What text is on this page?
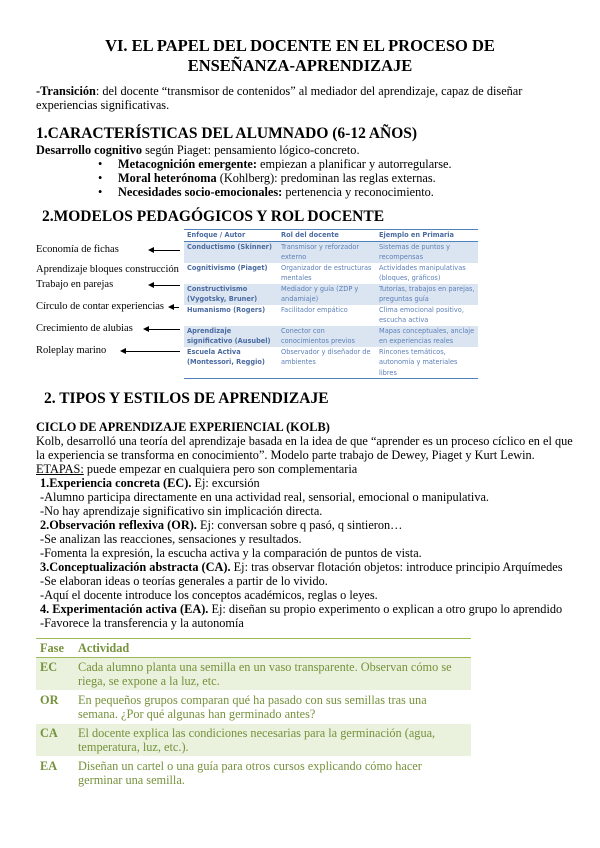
VI. EL PAPEL DEL DOCENTE EN EL PROCESO DE
ENSEÑANZA-APRENDIZAJE
-Transición: del docente “transmisor de contenidos” al mediador del aprendizaje, capaz de diseñar experiencias significativas.
1.CARACTERÍSTICAS DEL ALUMNADO (6-12 AÑOS)
Desarrollo cognitivo según Piaget: pensamiento lógico-concreto.
• Metacognición emergente: empiezan a planificar y autorregularse.
• Moral heterónoma (Kohlberg): predominan las reglas externas.
• Necesidades socio-emocionales: pertenencia y reconocimiento.
2.MODELOS PEDAGÓGICOS Y ROL DOCENTE
Economía de fichas
Aprendizaje bloques construcción
Trabajo en parejas
Círculo de contar experiencias
Crecimiento de alubias
Roleplay marino
Enfoque / Autor	Rol del docente	Ejemplo en Primaria
Conductismo (Skinner)	Transmisor y reforzador externo	Sistemas de puntos y recompensas
Cognitivismo (Piaget)	Organizador de estructuras mentales	Actividades manipulativas (bloques, gráficos)
Constructivismo (Vygotsky, Bruner)	Mediador y guía (ZDP y andamiaje)	Tutorías, trabajos en parejas, preguntas guía
Humanismo (Rogers)	Facilitador empático	Clima emocional positivo, escucha activa
Aprendizaje significativo (Ausubel)	Conector con conocimientos previos	Mapas conceptuales, anclaje en experiencias reales
Escuela Activa (Montessori, Reggio)	Observador y diseñador de ambientes	Rincones temáticos, autonomía y materiales libres
2. TIPOS Y ESTILOS DE APRENDIZAJE
CICLO DE APRENDIZAJE EXPERIENCIAL (KOLB)
Kolb, desarrolló una teoría del aprendizaje basada en la idea de que “aprender es un proceso cíclico en el que la experiencia se transforma en conocimiento”. Modelo parte trabajo de Dewey, Piaget y Kurt Lewin.
ETAPAS: puede empezar en cualquiera pero son complementaria
1.Experiencia concreta (EC). Ej: excursión
-Alumno participa directamente en una actividad real, sensorial, emocional o manipulativa.
-No hay aprendizaje significativo sin implicación directa.
2.Observación reflexiva (OR). Ej: conversan sobre q pasó, q sintieron…
-Se analizan las reacciones, sensaciones y resultados.
-Fomenta la expresión, la escucha activa y la comparación de puntos de vista.
3.Conceptualización abstracta (CA). Ej: tras observar flotación objetos: introduce principio Arquímedes
-Se elaboran ideas o teorías generales a partir de lo vivido.
-Aquí el docente introduce los conceptos académicos, reglas o leyes.
4. Experimentación activa (EA). Ej: diseñan su propio experimento o explican a otro grupo lo aprendido
-Favorece la transferencia y la autonomía
Fase	Actividad
EC	Cada alumno planta una semilla en un vaso transparente. Observan cómo se riega, se expone a la luz, etc.
OR	En pequeños grupos comparan qué ha pasado con sus semillas tras una semana. ¿Por qué algunas han germinado antes?
CA	El docente explica las condiciones necesarias para la germinación (agua, temperatura, luz, etc.).
EA	Diseñan un cartel o una guía para otros cursos explicando cómo hacer germinar una semilla.
